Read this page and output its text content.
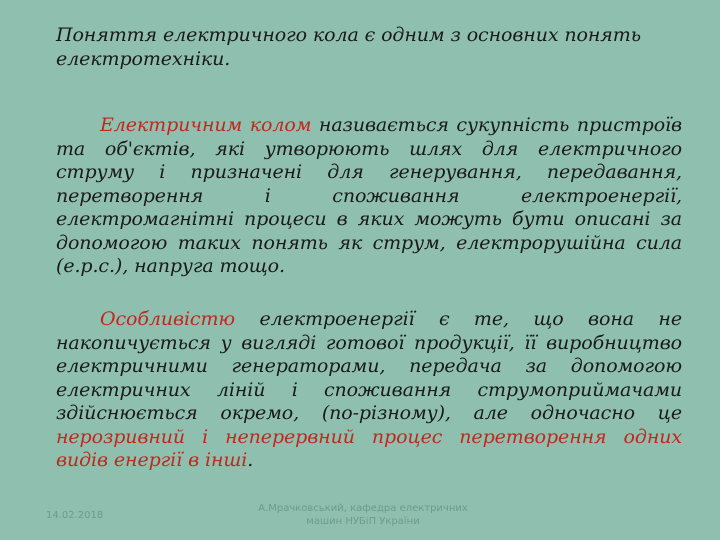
Поняття електричного кола є одним з основних понять електротехніки.

Електричним колом називається сукупність пристроїв та об'єктів, які утворюють шлях для електричного струму і призначені для генерування, передавання, перетворення і споживання електроенергії, електромагнітні процеси в яких можуть бути описані за допомогою таких понять як струм, електрорушійна сила (е.р.с.), напруга тощо.

Особливістю електроенергії є те, що вона не накопичується у вигляді готової продукції, її виробництво електричними генераторами, передача за допомогою електричних ліній і споживання струмоприймачами здійснюється окремо, (по-різному), але одночасно це нерозривний і неперервний процес перетворення одних видів енергії в інші.

14.02.2018

А.Мрачковський, кафедра електричних машин НУБіП України
